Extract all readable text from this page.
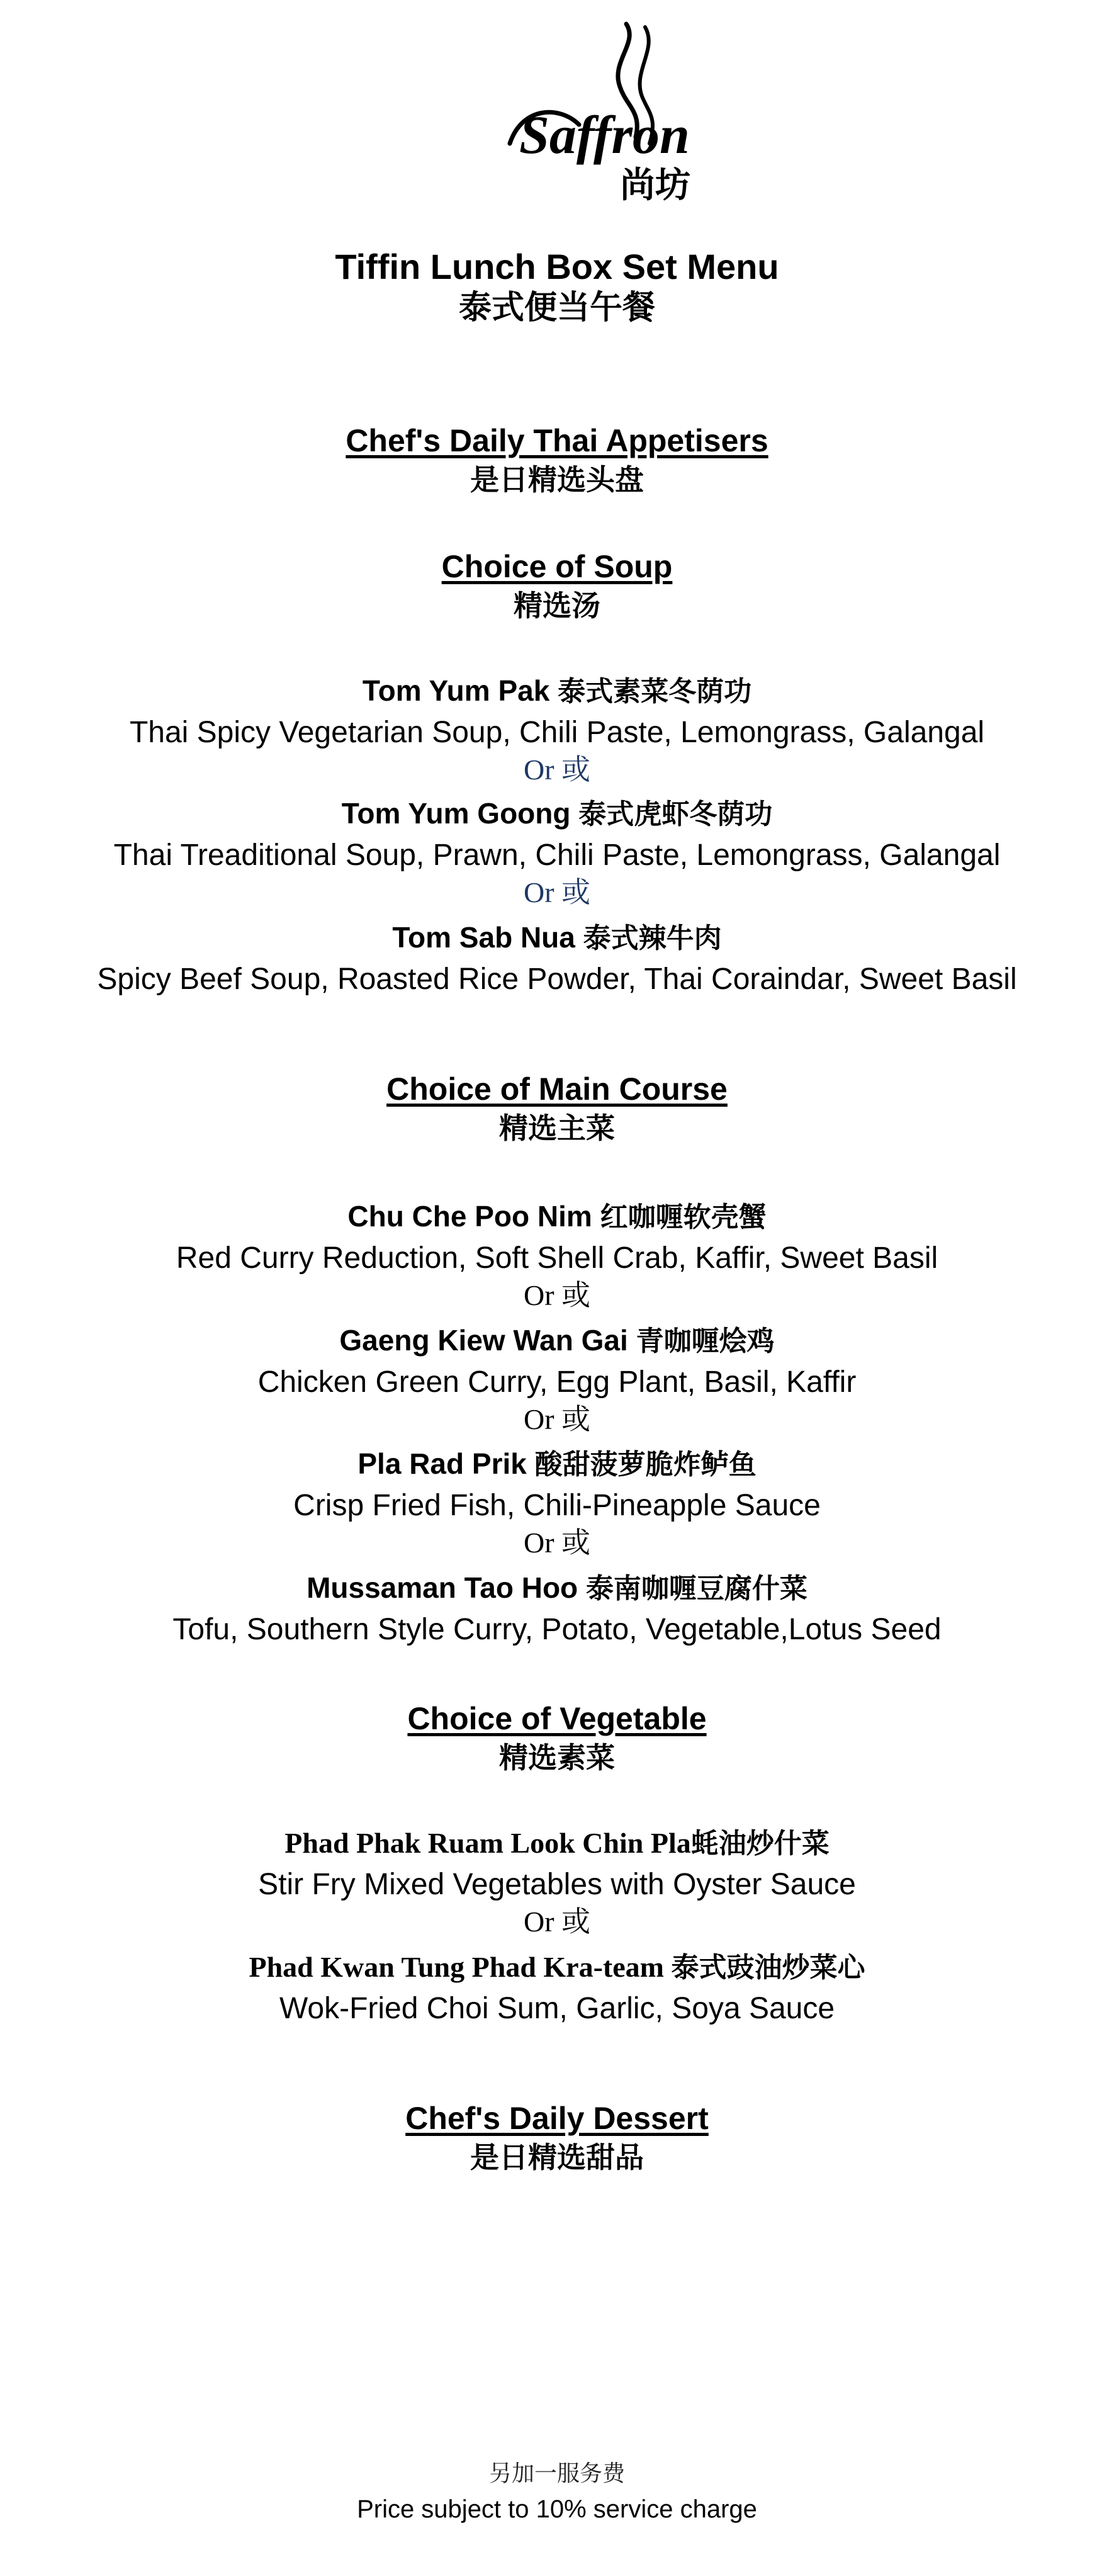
Saffron
尚坊
Tiffin Lunch Box Set Menu
泰式便当午餐
Chef's Daily Thai Appetisers
是日精选头盘
Choice of Soup
精选汤
Tom Yum Pak 泰式素菜冬荫功
Thai Spicy Vegetarian Soup, Chili Paste, Lemongrass, Galangal
Or 或
Tom Yum Goong 泰式虎虾冬荫功
Thai Treaditional Soup, Prawn, Chili Paste, Lemongrass, Galangal
Or 或
Tom Sab Nua 泰式辣牛肉
Spicy Beef Soup, Roasted Rice Powder, Thai Coraindar, Sweet Basil
Choice of Main Course
精选主菜
Chu Che Poo Nim 红咖喱软壳蟹
Red Curry Reduction, Soft Shell Crab, Kaffir, Sweet Basil
Or 或
Gaeng Kiew Wan Gai 青咖喱烩鸡
Chicken Green Curry, Egg Plant, Basil, Kaffir
Or 或
Pla Rad Prik 酸甜菠萝脆炸鲈鱼
Crisp Fried Fish, Chili-Pineapple Sauce
Or 或
Mussaman Tao Hoo 泰南咖喱豆腐什菜
Tofu, Southern Style Curry, Potato, Vegetable,Lotus Seed
Choice of Vegetable
精选素菜
Phad Phak Ruam Look Chin Pla蚝油炒什菜
Stir Fry Mixed Vegetables with Oyster Sauce
Or 或
Phad Kwan Tung Phad Kra-team 泰式豉油炒菜心
Wok-Fried Choi Sum, Garlic, Soya Sauce
Chef's Daily Dessert
是日精选甜品
另加一服务费
Price subject to 10% service charge
